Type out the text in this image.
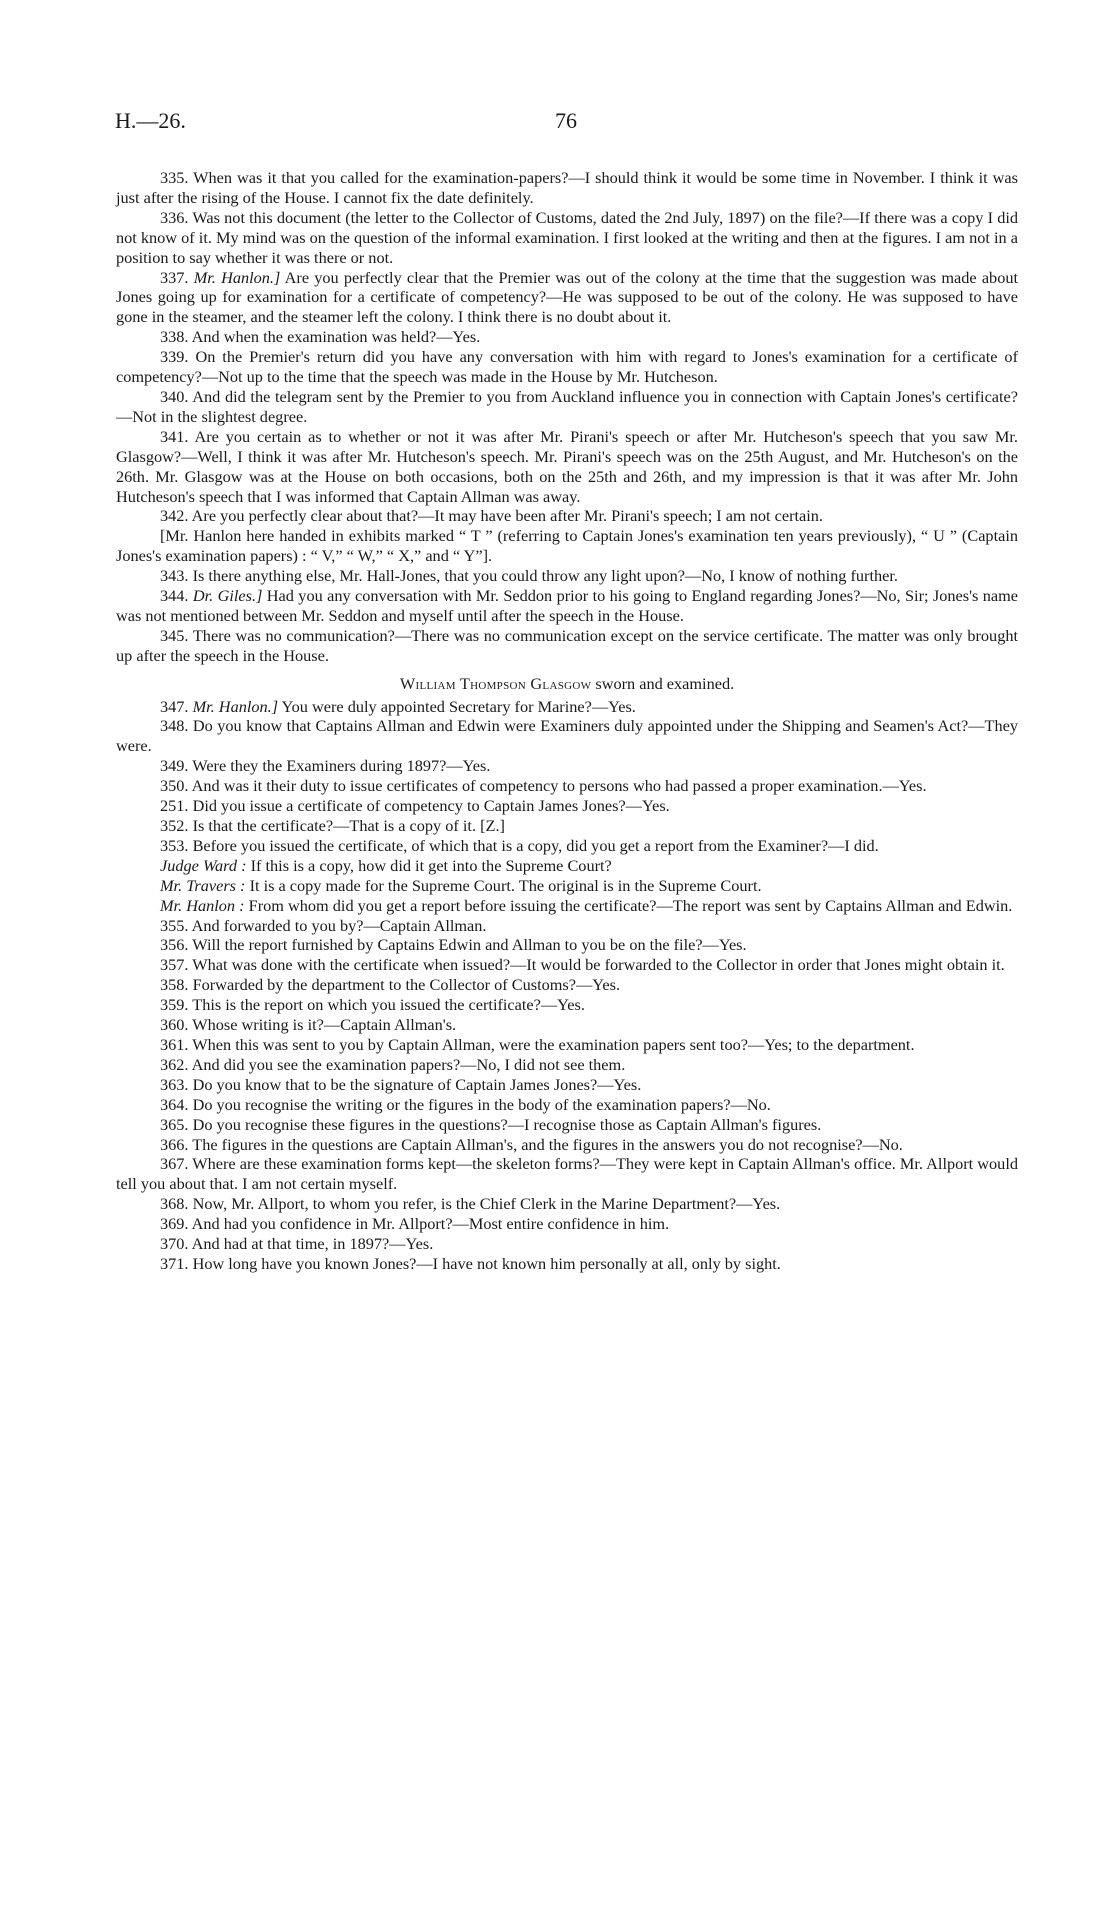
H.—26.	76

335. When was it that you called for the examination-papers?—I should think it would be some time in November. I think it was just after the rising of the House. I cannot fix the date definitely.

336. Was not this document (the letter to the Collector of Customs, dated the 2nd July, 1897) on the file?—If there was a copy I did not know of it. My mind was on the question of the informal examination. I first looked at the writing and then at the figures. I am not in a position to say whether it was there or not.

337. Mr. Hanlon.] Are you perfectly clear that the Premier was out of the colony at the time that the suggestion was made about Jones going up for examination for a certificate of competency?—He was supposed to be out of the colony. He was supposed to have gone in the steamer, and the steamer left the colony. I think there is no doubt about it.

338. And when the examination was held?—Yes.

339. On the Premier's return did you have any conversation with him with regard to Jones's examination for a certificate of competency?—Not up to the time that the speech was made in the House by Mr. Hutcheson.

340. And did the telegram sent by the Premier to you from Auckland influence you in connection with Captain Jones's certificate?—Not in the slightest degree.

341. Are you certain as to whether or not it was after Mr. Pirani's speech or after Mr. Hutcheson's speech that you saw Mr. Glasgow?—Well, I think it was after Mr. Hutcheson's speech. Mr. Pirani's speech was on the 25th August, and Mr. Hutcheson's on the 26th. Mr. Glasgow was at the House on both occasions, both on the 25th and 26th, and my impression is that it was after Mr. John Hutcheson's speech that I was informed that Captain Allman was away.

342. Are you perfectly clear about that?—It may have been after Mr. Pirani's speech; I am not certain.

[Mr. Hanlon here handed in exhibits marked “ T ” (referring to Captain Jones's examination ten years previously), “ U ” (Captain Jones's examination papers) : “ V,” “ W,” “ X,” and “ Y”].

343. Is there anything else, Mr. Hall-Jones, that you could throw any light upon?—No, I know of nothing further.

344. Dr. Giles.] Had you any conversation with Mr. Seddon prior to his going to England regarding Jones?—No, Sir; Jones's name was not mentioned between Mr. Seddon and myself until after the speech in the House.

345. There was no communication?—There was no communication except on the service certificate. The matter was only brought up after the speech in the House.

William Thompson Glasgow sworn and examined.

347. Mr. Hanlon.] You were duly appointed Secretary for Marine?—Yes.

348. Do you know that Captains Allman and Edwin were Examiners duly appointed under the Shipping and Seamen's Act?—They were.

349. Were they the Examiners during 1897?—Yes.

350. And was it their duty to issue certificates of competency to persons who had passed a proper examination.—Yes.

251. Did you issue a certificate of competency to Captain James Jones?—Yes.

352. Is that the certificate?—That is a copy of it. [Z.]

353. Before you issued the certificate, of which that is a copy, did you get a report from the Examiner?—I did.

Judge Ward : If this is a copy, how did it get into the Supreme Court?

Mr. Travers : It is a copy made for the Supreme Court. The original is in the Supreme Court.

Mr. Hanlon : From whom did you get a report before issuing the certificate?—The report was sent by Captains Allman and Edwin.

355. And forwarded to you by?—Captain Allman.

356. Will the report furnished by Captains Edwin and Allman to you be on the file?—Yes.

357. What was done with the certificate when issued?—It would be forwarded to the Collector in order that Jones might obtain it.

358. Forwarded by the department to the Collector of Customs?—Yes.

359. This is the report on which you issued the certificate?—Yes.

360. Whose writing is it?—Captain Allman's.

361. When this was sent to you by Captain Allman, were the examination papers sent too?—Yes; to the department.

362. And did you see the examination papers?—No, I did not see them.

363. Do you know that to be the signature of Captain James Jones?—Yes.

364. Do you recognise the writing or the figures in the body of the examination papers?—No.

365. Do you recognise these figures in the questions?—I recognise those as Captain Allman's figures.

366. The figures in the questions are Captain Allman's, and the figures in the answers you do not recognise?—No.

367. Where are these examination forms kept—the skeleton forms?—They were kept in Captain Allman's office. Mr. Allport would tell you about that. I am not certain myself.

368. Now, Mr. Allport, to whom you refer, is the Chief Clerk in the Marine Department?—Yes.

369. And had you confidence in Mr. Allport?—Most entire confidence in him.

370. And had at that time, in 1897?—Yes.

371. How long have you known Jones?—I have not known him personally at all, only by sight.
